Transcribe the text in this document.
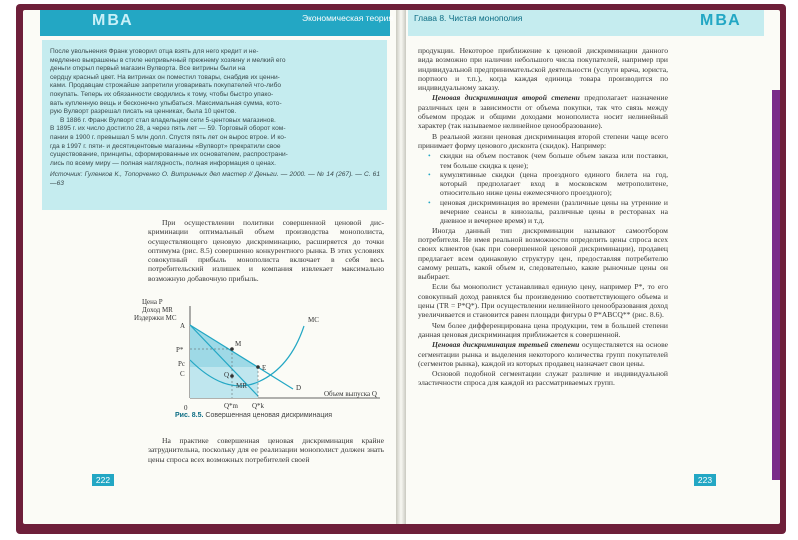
МВА	Экономическая теория Глава 8. Чистая монополия	МВА
После увольнения Франк уговорил отца взять для него кредит и не-
медленно выкрашены в стиле непривычный прежнему хозяину и мелкий его
деньги открыл первый магазин Вулворта. Все витрины были на
сердцу красный цвет. На витринах он поместил товары, снабдив их ценни-
ками. Продавцам строжайше запретили уговаривать покупателей что-либо
покупать. Теперь их обязанности сводились к тому, чтобы быстро упако-
вать купленную вещь и бесконечно улыбаться. Максимальная сумма, кото-
рую Вулворт разрешал писать на ценниках, была 10 центов.
В 1886 г. Франк Вулворт стал владельцем сети 5-центовых магазинов.
В 1895 г. их число достигло 28, а через пять лет — 59. Торговый оборот ком-
пании в 1900 г. превышал 5 млн долл. Спустя пять лет он вырос втрое. И ко-
гда в 1997 г. пяти- и десятицентовые магазины «Вулворт» прекратили свое
существование, принципы, сформированные их основателем, распространи-
лись по всему миру — полная наглядность, полная информация о ценах.
Источник: Гуленков К., Топорченко О. Витринных дел мастер // Деньги. — 2000. — № 14 (267). — С. 61—63

При осуществлении политики совершенной ценовой дискриминации оптимальный объем производства монополиста, осуществляющего ценовую дискриминацию, расширяется до точки оптимума (рис. 8.5) совершенно конкурентного рынка. В этих условиях совокупный прибыль монополиста включает в себя весь потребительский излишек и компания извлекает максимально возможную добавочную прибыль.

На практике совершенная ценовая дискриминация крайне затруднительна, поскольку для ее реализации монополист должен знать цены спроса всех возможных потребителей своей

Цена P
Доход MR
Издержки MC
A
P*
Pc
C
0	Q*m Q*k
M
E
Q
MC
MR	D
Объем выпуска Q
Рис. 8.5. Совершенная ценовая дискриминация

продукции. Некоторое приближение к ценовой дискриминации данного вида возможно при наличии небольшого числа покупателей, например при индивидуальной предпринимательской деятельности (услуги врача, юриста, портного и т.п.), когда каждая единица товара производится по индивидуальному заказу.

Ценовая дискриминация второй степени предполагает назначение различных цен в зависимости от объема покупки, так что связь между объемом продаж и общими доходами монополиста носит нелинейный характер (так называемое нелинейное ценообразование).

В реальной жизни ценовая дискриминация второй степени чаще всего принимает форму ценового дисконта (скидок). Например:

• скидки на объем поставок (чем больше объем заказа или поставки, тем больше скидка к цене);
• кумулятивные скидки (цена проездного единого билета на год, который предполагает вход в московском метрополитене, относительно ниже цены ежемесячного проездного);
• ценовая дискриминация во времени (различные цены на утренние и вечерние сеансы в кинозалы, различные цены в ресторанах на дневное и вечернее время) и т.д.

Иногда данный тип дискриминации называют самоотбором потребителя. Не имея реальной возможности определить цены спроса всех своих клиентов (как при совершенной ценовой дискриминации), продавец предлагает всем одинаковую структуру цен, предоставляя потребителю самому решать, какой объем и, следовательно, какие рыночные цены он выбирает.

Если бы монополист устанавливал единую цену, например P*, то его совокупный доход равнялся бы произведению соответствующего объема и цены (TR = P*Q*). При осуществлении нелинейного ценообразования доход увеличивается и становится равен площади фигуры 0 P*ABCQ** (рис. 8.6).

Чем более дифференцирована цена продукции, тем в большей степени данная ценовая дискриминация приближается к совершенной.

Ценовая дискриминация третьей степени осуществляется на основе сегментации рынка и выделения некоторого количества групп покупателей (сегментов рынка), каждой из которых продавец назначает свои цены.

Основой подобной сегментации служат различие и индивидуальной эластичности спроса для каждой из рассматриваемых групп.

222	223
